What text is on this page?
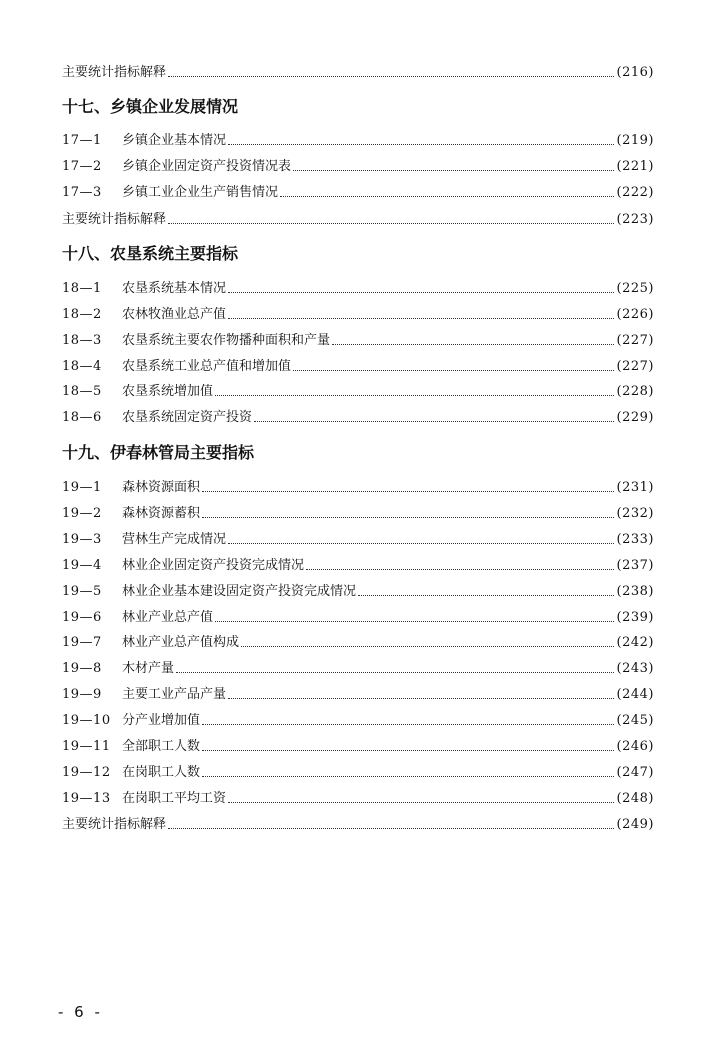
主要统计指标解释	(216)
十七、乡镇企业发展情况
17—1	乡镇企业基本情况	(219)
17—2	乡镇企业固定资产投资情况表	(221)
17—3	乡镇工业企业生产销售情况	(222)
主要统计指标解释	(223)
十八、农垦系统主要指标
18—1	农垦系统基本情况	(225)
18—2	农林牧渔业总产值	(226)
18—3	农垦系统主要农作物播种面积和产量	(227)
18—4	农垦系统工业总产值和增加值	(227)
18—5	农垦系统增加值	(228)
18—6	农垦系统固定资产投资	(229)
十九、伊春林管局主要指标
19—1	森林资源面积	(231)
19—2	森林资源蓄积	(232)
19—3	营林生产完成情况	(233)
19—4	林业企业固定资产投资完成情况	(237)
19—5	林业企业基本建设固定资产投资完成情况	(238)
19—6	林业产业总产值	(239)
19—7	林业产业总产值构成	(242)
19—8	木材产量	(243)
19—9	主要工业产品产量	(244)
19—10 分产业增加值	(245)
19—11 全部职工人数	(246)
19—12 在岗职工人数	(247)
19—13 在岗职工平均工资	(248)
主要统计指标解释	(249)
- 6 -
